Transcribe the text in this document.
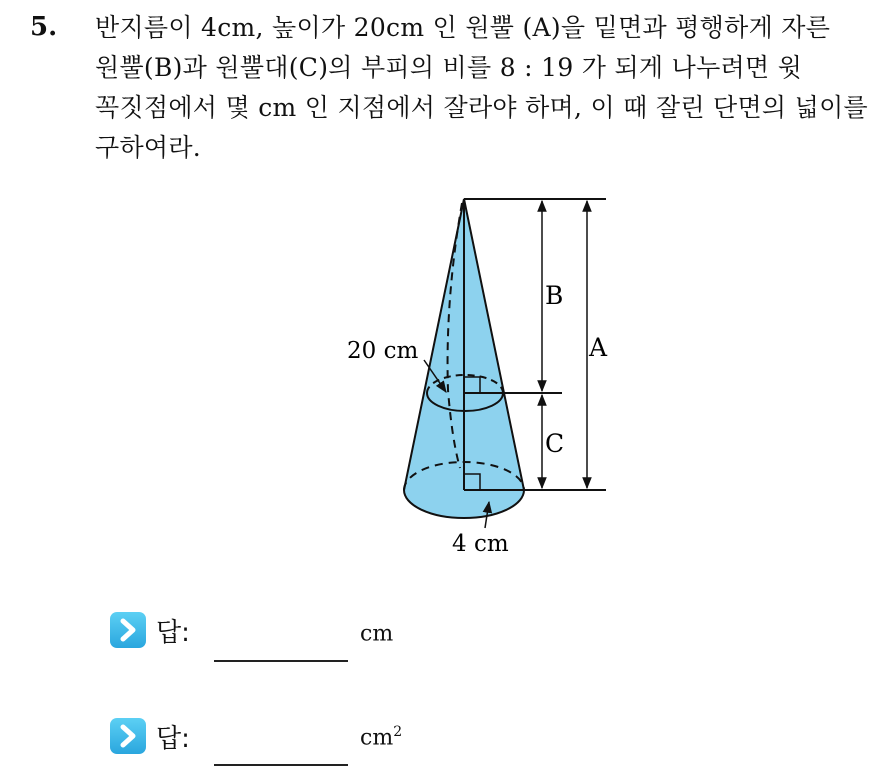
5. 반지름이 4cm, 높이가 20cm 인 원뿔 (A)을 밑면과 평행하게 자른
원뿔(B)과 원뿔대(C)의 부피의 비를 8 : 19 가 되게 나누려면 윗
꼭짓점에서 몇 cm 인 지점에서 잘라야 하며, 이 때 잘린 단면의 넓이를
구하여라.
B
C
A
20 cm
4 cm
답:	cm
답:	$cm^2$
